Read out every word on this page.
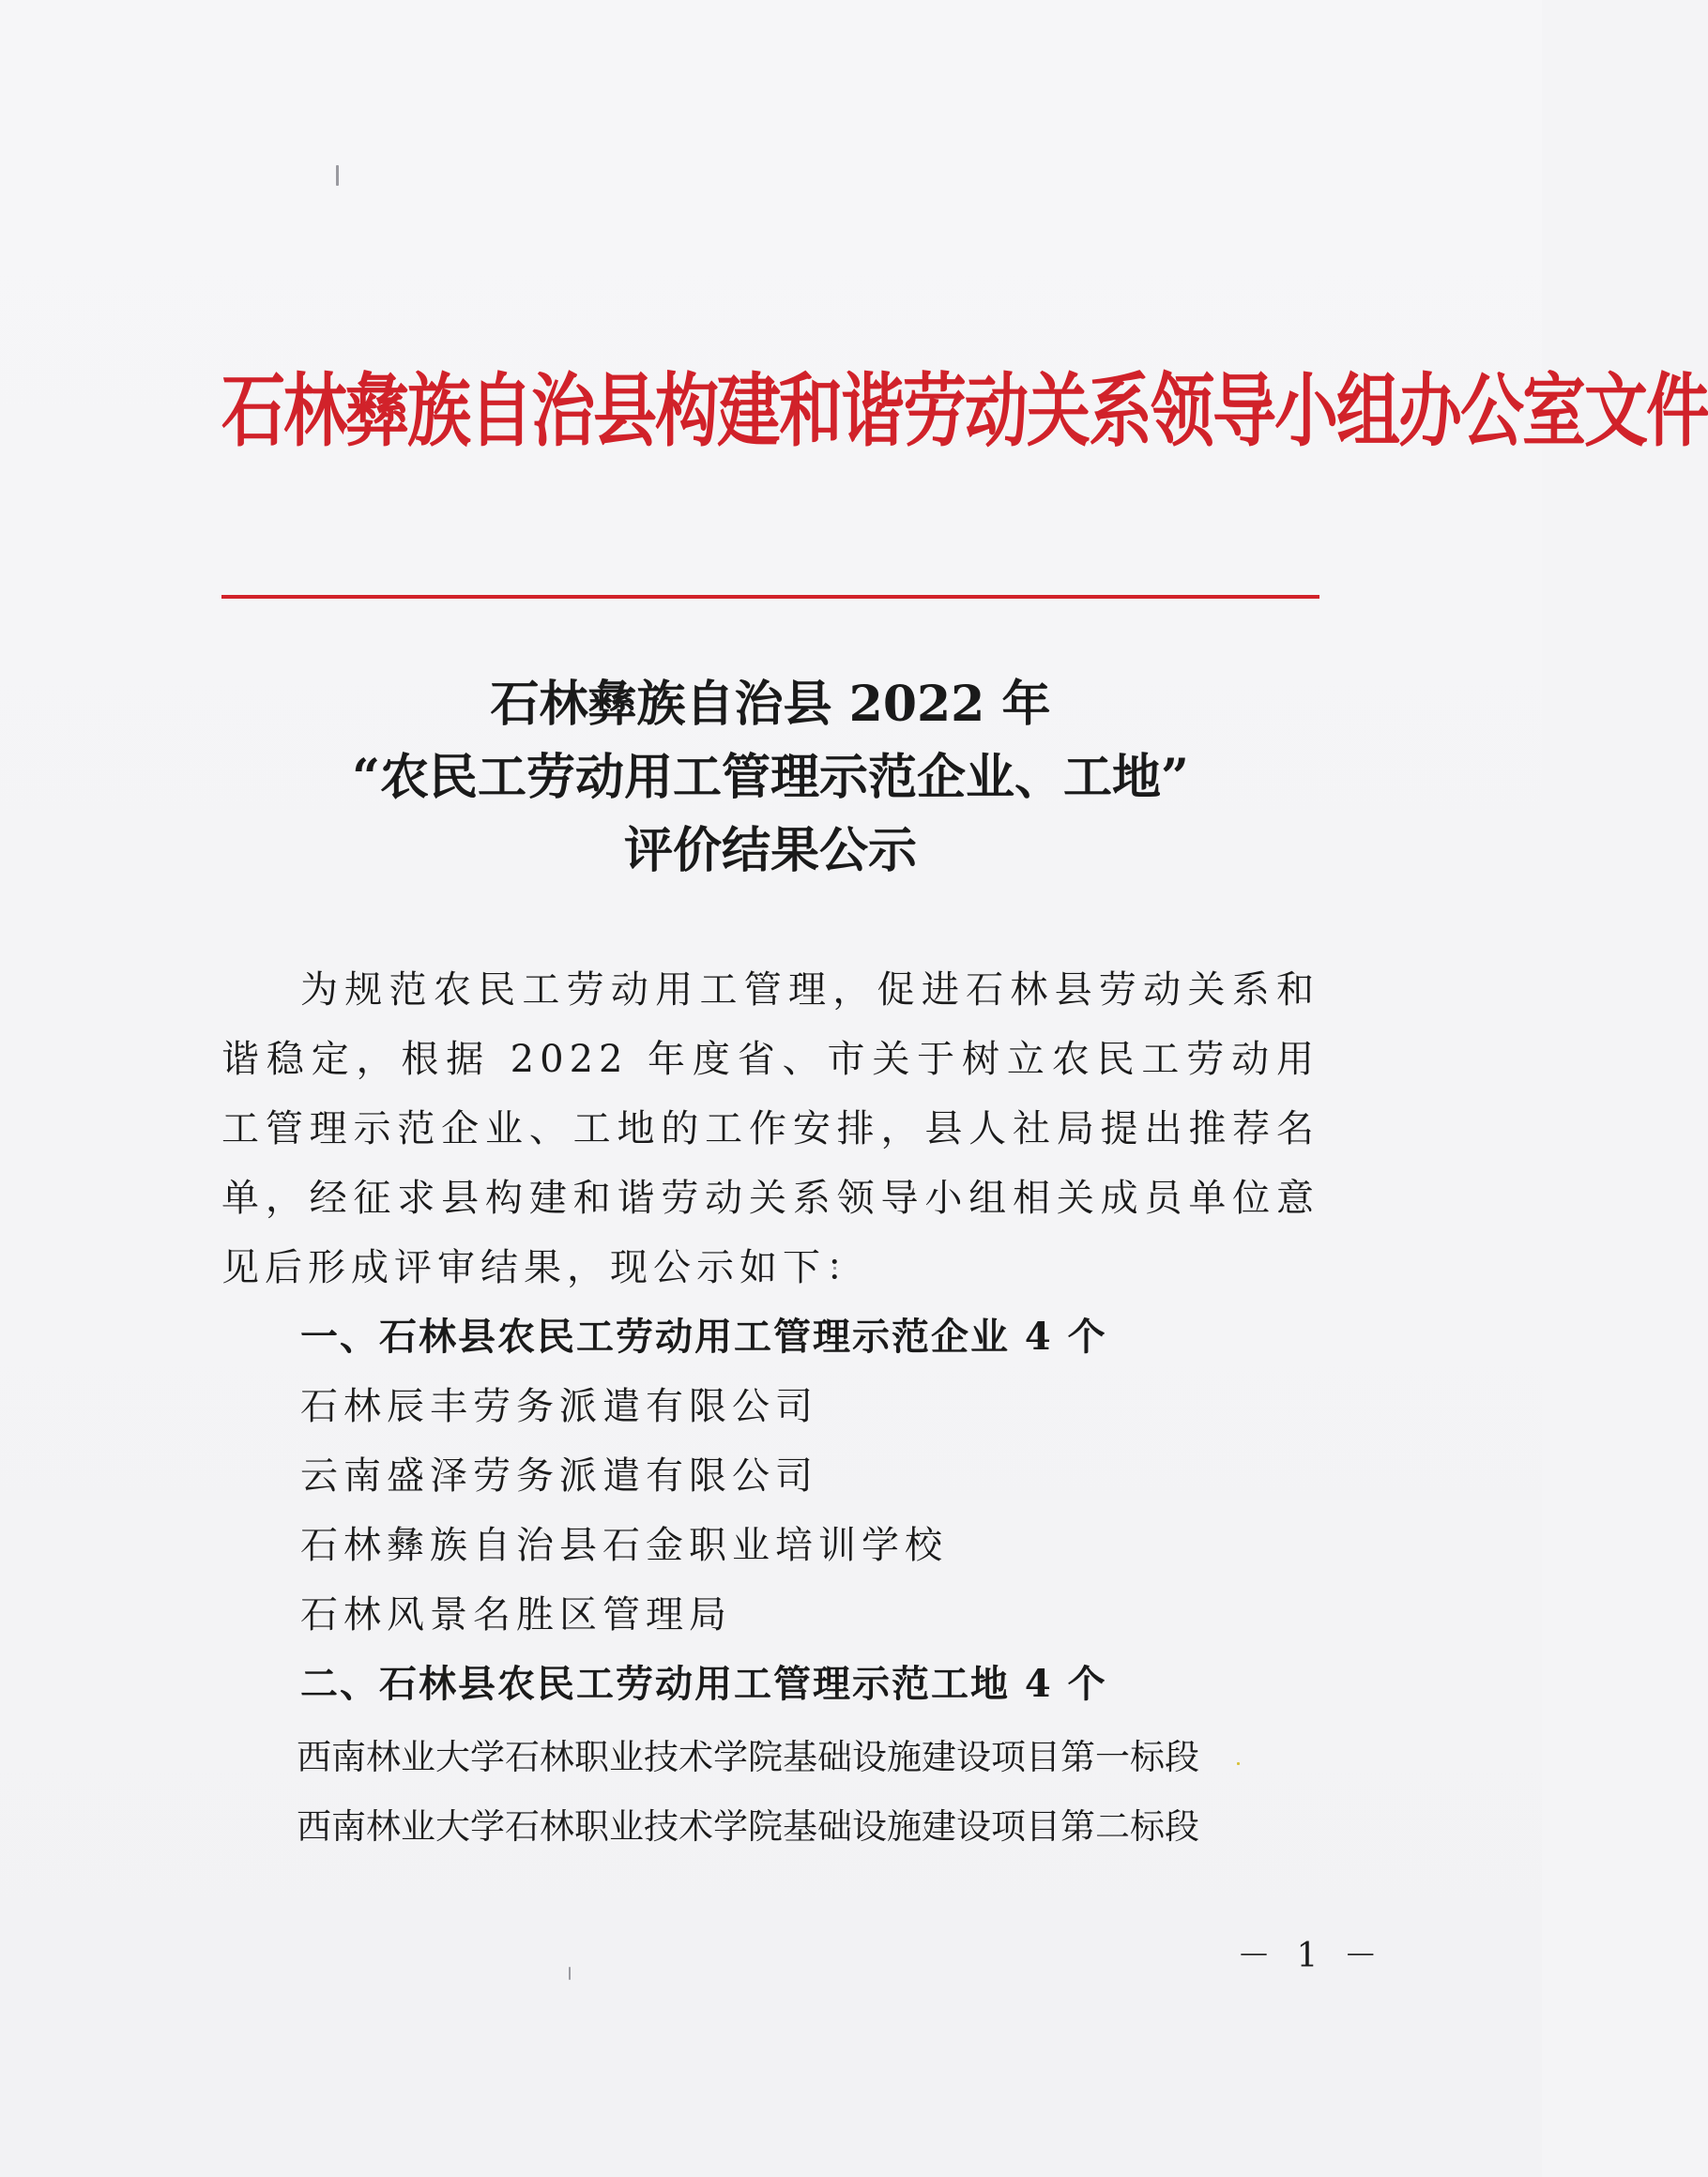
石林彝族自治县构建和谐劳动关系领导小组办公室文件
石林彝族自治县 2022 年
“农民工劳动用工管理示范企业、工地”
评价结果公示
为规范农民工劳动用工管理，促进石林县劳动关系和谐稳定，根据 2022 年度省、市关于树立农民工劳动用工管理示范企业、工地的工作安排，县人社局提出推荐名单，经征求县构建和谐劳动关系领导小组相关成员单位意见后形成评审结果，现公示如下：
一、石林县农民工劳动用工管理示范企业 4 个
石林辰丰劳务派遣有限公司
云南盛泽劳务派遣有限公司
石林彝族自治县石金职业培训学校
石林风景名胜区管理局
二、石林县农民工劳动用工管理示范工地 4 个
西南林业大学石林职业技术学院基础设施建设项目第一标段
西南林业大学石林职业技术学院基础设施建设项目第二标段
－ 1 －
